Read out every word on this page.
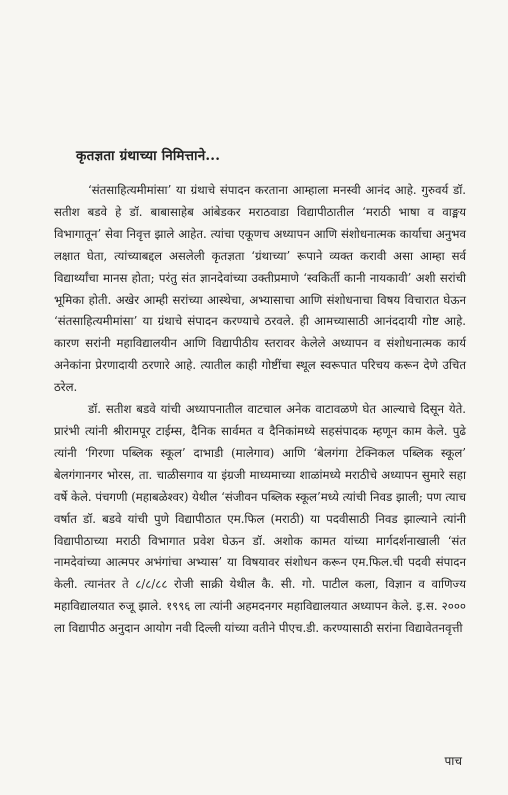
कृतज्ञता ग्रंथाच्या निमित्ताने...

‘संतसाहित्यमीमांसा’ या ग्रंथाचे संपादन करताना आम्हाला मनस्वी आनंद आहे. गुरुवर्य डॉ. सतीश बडवे हे डॉ. बाबासाहेब आंबेडकर मराठवाडा विद्यापीठातील ‘मराठी भाषा व वाङ्मय विभागातून’ सेवा निवृत्त झाले आहेत. त्यांचा एकूणच अध्यापन आणि संशोधनात्मक कार्याचा अनुभव लक्षात घेता, त्यांच्याबद्दल असलेली कृतज्ञता ‘ग्रंथाच्या’ रूपाने व्यक्त करावी असा आम्हा सर्व विद्यार्थ्यांचा मानस होता; परंतु संत ज्ञानदेवांच्या उक्तीप्रमाणे ‘स्वकिर्ती कानी नायकावी’ अशी सरांची भूमिका होती. अखेर आम्ही सरांच्या आस्थेचा, अभ्यासाचा आणि संशोधनाचा विषय विचारात घेऊन ‘संतसाहित्यमीमांसा’ या ग्रंथाचे संपादन करण्याचे ठरवले. ही आमच्यासाठी आनंददायी गोष्ट आहे. कारण सरांनी महाविद्यालयीन आणि विद्यापीठीय स्तरावर केलेले अध्यापन व संशोधनात्मक कार्य अनेकांना प्रेरणादायी ठरणारे आहे. त्यातील काही गोष्टींचा स्थूल स्वरूपात परिचय करून देणे उचित ठरेल.

डॉ. सतीश बडवे यांची अध्यापनातील वाटचाल अनेक वाटावळणे घेत आल्याचे दिसून येते. प्रारंभी त्यांनी श्रीरामपूर टाईम्स, दैनिक सार्वमत व दैनिकांमध्ये सहसंपादक म्हणून काम केले. पुढे त्यांनी ‘गिरणा पब्लिक स्कूल’ दाभाडी (मालेगाव) आणि ‘बेलगंगा टेक्निकल पब्लिक स्कूल’ बेलगंगानगर भोरस, ता. चाळीसगाव या इंग्रजी माध्यमाच्या शाळांमध्ये मराठीचे अध्यापन सुमारे सहा वर्षे केले. पंचगणी (महाबळेश्वर) येथील ‘संजीवन पब्लिक स्कूल’मध्ये त्यांची निवड झाली; पण त्याच वर्षात डॉ. बडवे यांची पुणे विद्यापीठात एम.फिल (मराठी) या पदवीसाठी निवड झाल्याने त्यांनी विद्यापीठाच्या मराठी विभागात प्रवेश घेऊन डॉ. अशोक कामत यांच्या मार्गदर्शनाखाली ‘संत नामदेवांच्या आत्मपर अभंगांचा अभ्यास’ या विषयावर संशोधन करून एम.फिल.ची पदवी संपादन केली. त्यानंतर ते ८/८/८८ रोजी साक्री येथील कै. सी. गो. पाटील कला, विज्ञान व वाणिज्य महाविद्यालयात रुजू झाले. १९९६ ला त्यांनी अहमदनगर महाविद्यालयात अध्यापन केले. इ.स. २००० ला विद्यापीठ अनुदान आयोग नवी दिल्ली यांच्या वतीने पीएच.डी. करण्यासाठी सरांना विद्यावेतनवृत्ती

पाच
